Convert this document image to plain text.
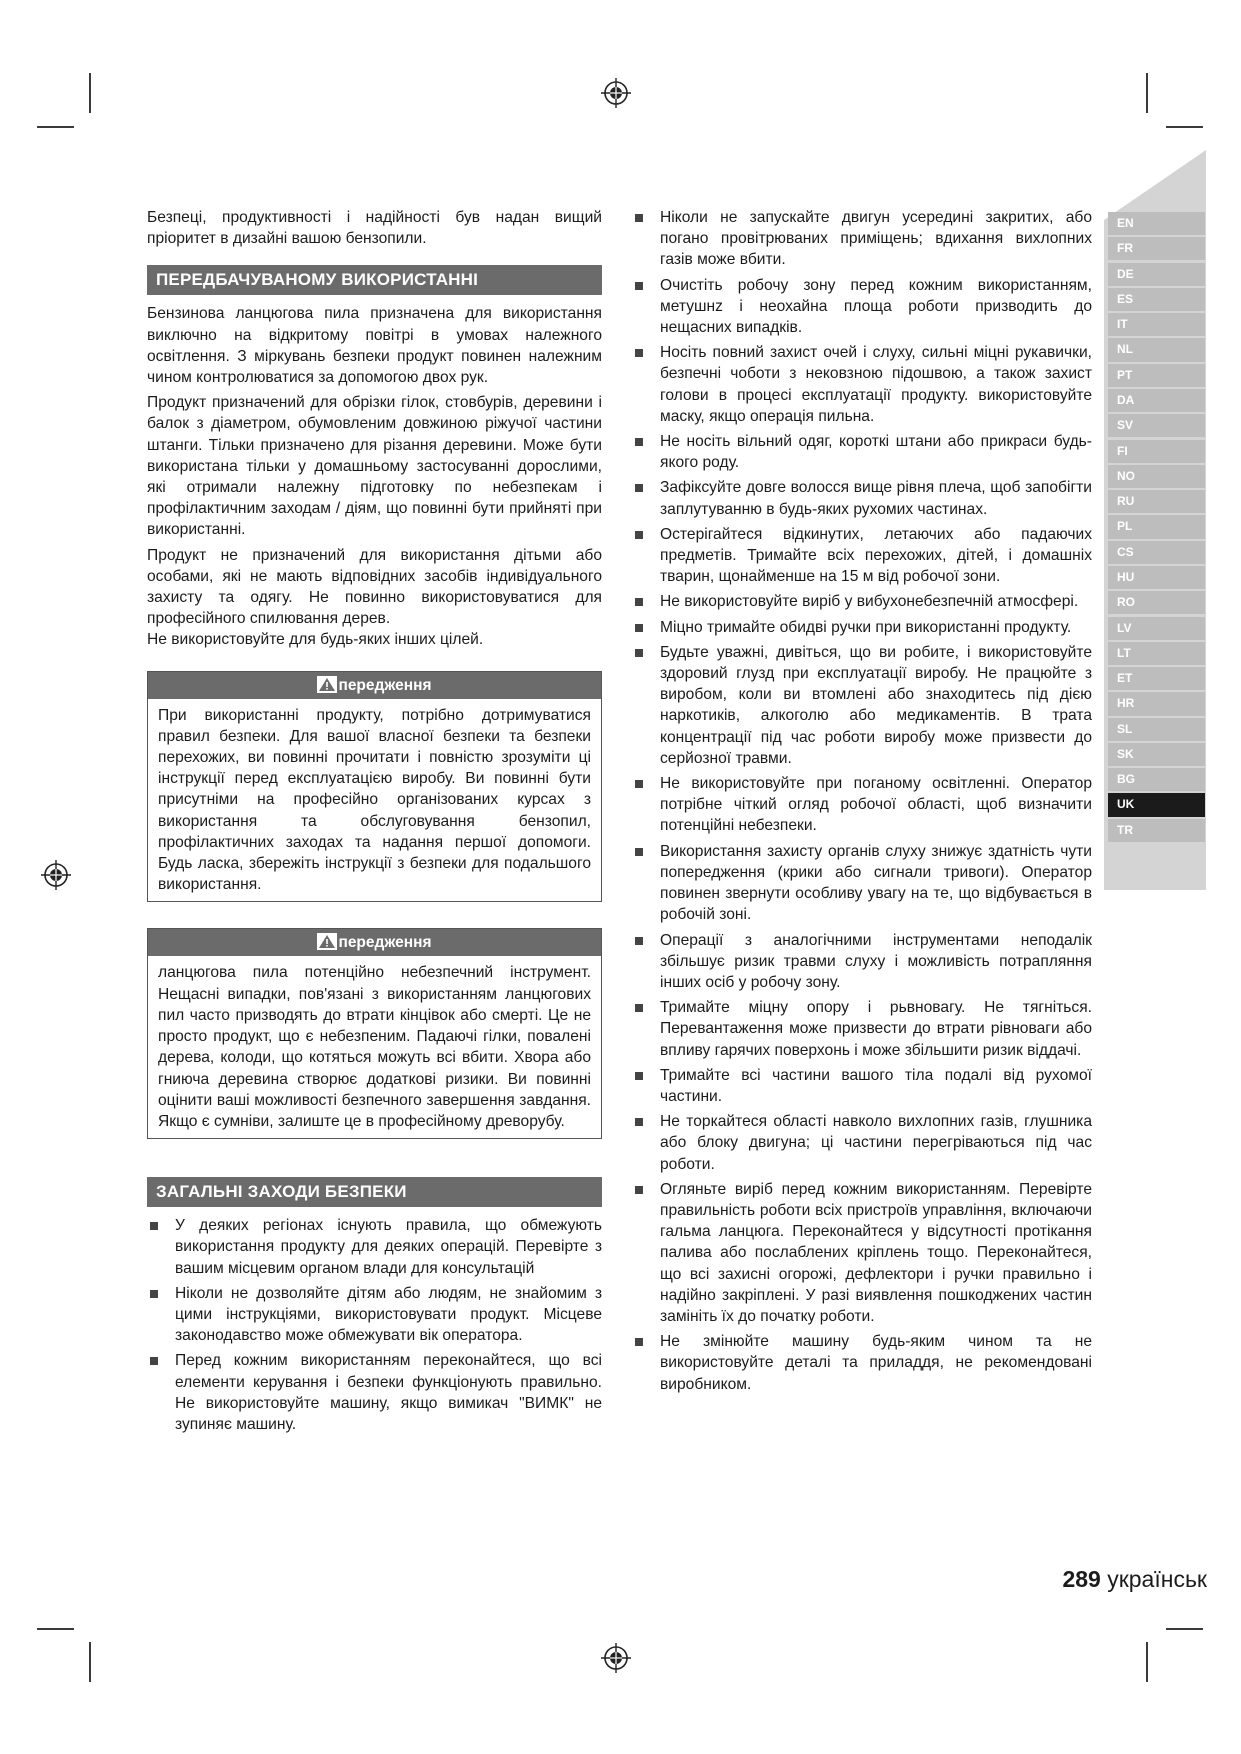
EN
FR
DE
ES
IT
NL
PT
DA
SV
FI
NO
RU
PL
CS
HU
RO
LV
LT
ET
HR
SL
SK
BG
UK
TR

Безпеці, продуктивності і надійності був надан вищий пріоритет в дизайні вашою бензопили.

ПЕРЕДБАЧУВАНОМУ ВИКОРИСТАННІ

Бензинова ланцюгова пила призначена для використання виключно на відкритому повітрі в умовах належного освітлення. З міркувань безпеки продукт повинен належним чином контролюватися за допомогою двох рук.

Продукт призначений для обрізки гілок, стовбурів, деревини і балок з діаметром, обумовленим довжиною ріжучої частини штанги. Тільки призначено для різання деревини. Може бути використана тільки у домашньому застосуванні дорослими, які отримали належну підготовку по небезпекам і профілактичним заходам / діям, що повинні бути прийняті при використанні.

Продукт не призначений для використання дітьми або особами, які не мають відповідних засобів індивідуального захисту та одягу. Не повинно використовуватися для професійного спилювання дерев.

Не використовуйте для будь-яких інших цілей.

передження
При використанні продукту, потрібно дотримуватися правил безпеки. Для вашої власної безпеки та безпеки перехожих, ви повинні прочитати і повністю зрозуміти ці інструкції перед експлуатацією виробу. Ви повинні бути присутніми на професійно організованих курсах з використання та обслуговування бензопил, профілактичних заходах та надання першої допомоги. Будь ласка, збережіть інструкції з безпеки для подальшого використання.
передження
ланцюгова пила потенційно небезпечний інструмент. Нещасні випадки, пов'язані з використанням ланцюгових пил часто призводять до втрати кінцівок або смерті. Це не просто продукт, що є небезпеним. Падаючі гілки, повалені дерева, колоди, що котяться можуть всі вбити. Хвора або гниюча деревина створює додаткові ризики. Ви повинні оцінити ваші можливості безпечного завершення завдання. Якщо є сумніви, залиште це в професійному древорубу.
ЗАГАЛЬНІ ЗАХОДИ БЕЗПЕКИ
У деяких регіонах існують правила, що обмежують використання продукту для деяких операцій. Перевірте з вашим місцевим органом влади для консультацій
Ніколи не дозволяйте дітям або людям, не знайомим з цими інструкціями, використовувати продукт. Місцеве законодавство може обмежувати вік оператора.
Перед кожним використанням переконайтеся, що всі елементи керування і безпеки функціонують правильно. Не використовуйте машину, якщо вимикач "ВИМК" не зупиняє машину.
Ніколи не запускайте двигун усередині закритих, або погано провітрюваних приміщень; вдихання вихлопних газів може вбити.
Очистіть робочу зону перед кожним використанням, метушнz і неохайна площа роботи призводить до нещасних випадків.
Носіть повний захист очей і слуху, сильні міцні рукавички, безпечні чоботи з нековзною підошвою, а також захист голови в процесі експлуатації продукту. використовуйте маску, якщо операція пильна.
Не носіть вільний одяг, короткі штани або прикраси будь-якого роду.
Зафіксуйте довге волосся вище рівня плеча, щоб запобігти заплутуванню в будь-яких рухомих частинах.
Остерігайтеся відкинутих, летаючих або падаючих предметів. Тримайте всіх перехожих, дітей, і домашніх тварин, щонайменше на 15 м від робочої зони.
Не використовуйте виріб у вибухонебезпечній атмосфері.
Міцно тримайте обидві ручки при використанні продукту.
Будьте уважні, дивіться, що ви робите, і використовуйте здоровий глузд при експлуатації виробу. Не працюйте з виробом, коли ви втомлені або знаходитесь під дією наркотиків, алкоголю або медикаментів. В трата концентрації під час роботи виробу може призвести до серйозної травми.
Не використовуйте при поганому освітленні. Оператор потрібне чіткий огляд робочої області, щоб визначити потенційні небезпеки.
Використання захисту органів слуху знижує здатність чути попередження (крики або сигнали тривоги). Оператор повинен звернути особливу увагу на те, що відбувається в робочій зоні.
Операції з аналогічними інструментами неподалік збільшує ризик травми слуху і можливість потрапляння інших осіб у робочу зону.
Тримайте міцну опору і рьвновагу. Не тягніться. Перевантаження може призвести до втрати рівноваги або впливу гарячих поверхонь і може збільшити ризик віддачі.
Тримайте всі частини вашого тіла подалі від рухомої частини.
Не торкайтеся області навколо вихлопних газів, глушника або блоку двигуна; ці частини перегріваються під час роботи.
Огляньте виріб перед кожним використанням. Перевірте правильність роботи всіх пристроїв управління, включаючи гальма ланцюга. Переконайтеся у відсутності протікання палива або послаблених кріплень тощо. Переконайтеся, що всі захисні огорожі, дефлектори і ручки правильно і надійно закріплені. У разі виявлення пошкоджених частин замініть їх до початку роботи.
Не змінюйте машину будь-яким чином та не використовуйте деталі та приладдя, не рекомендовані виробником.
289 українськ
